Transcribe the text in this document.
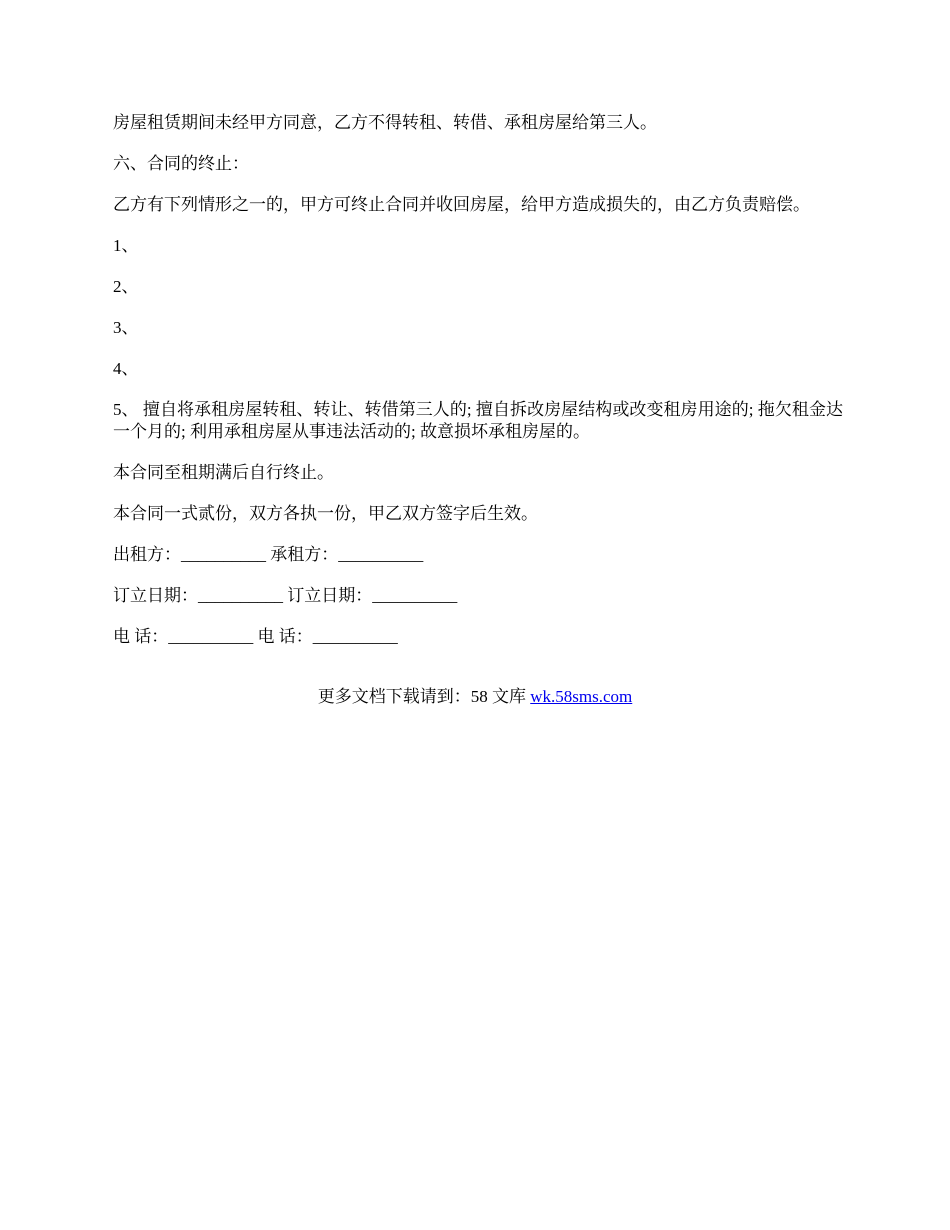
房屋租赁期间未经甲方同意，乙方不得转租、转借、承租房屋给第三人。

六、合同的终止：

乙方有下列情形之一的，甲方可终止合同并收回房屋，给甲方造成损失的，由乙方负责赔偿。

1、

2、

3、

4、

5、 擅自将承租房屋转租、转让、转借第三人的; 擅自拆改房屋结构或改变租房用途的; 拖欠租金达一个月的; 利用承租房屋从事违法活动的; 故意损坏承租房屋的。

本合同至租期满后自行终止。

本合同一式贰份，双方各执一份，甲乙双方签字后生效。

出租方：__________ 承租方：__________

订立日期：__________ 订立日期：__________

电 话：__________ 电 话：__________

更多文档下载请到：58 文库 wk.58sms.com
